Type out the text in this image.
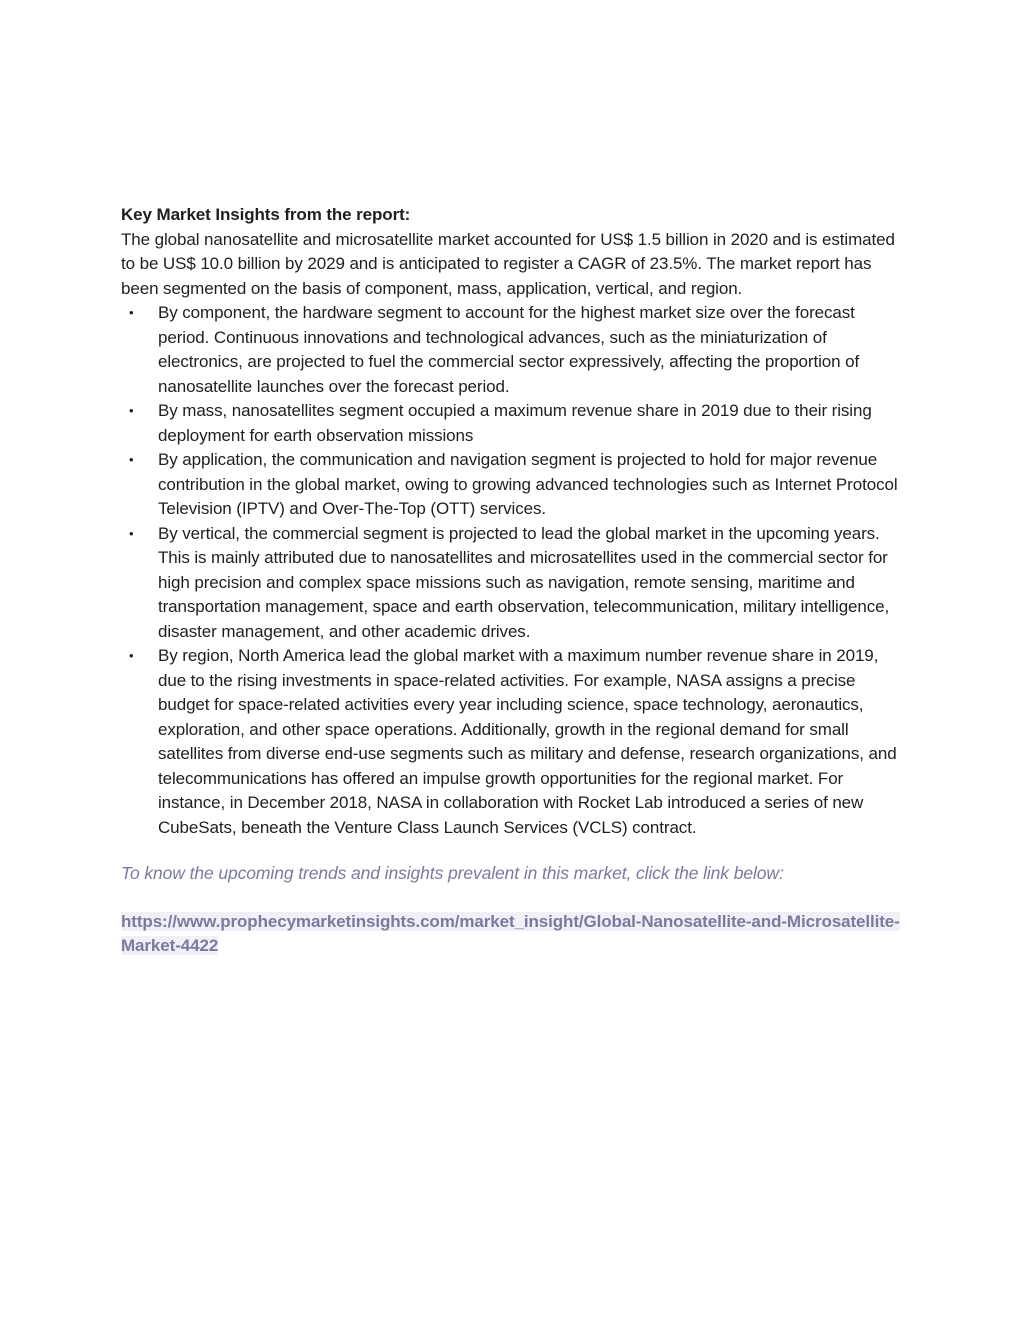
Key Market Insights from the report:

The global nanosatellite and microsatellite market accounted for US$ 1.5 billion in 2020 and is estimated to be US$ 10.0 billion by 2029 and is anticipated to register a CAGR of 23.5%. The market report has been segmented on the basis of component, mass, application, vertical, and region.

• By component, the hardware segment to account for the highest market size over the forecast period. Continuous innovations and technological advances, such as the miniaturization of electronics, are projected to fuel the commercial sector expressively, affecting the proportion of nanosatellite launches over the forecast period.
• By mass, nanosatellites segment occupied a maximum revenue share in 2019 due to their rising deployment for earth observation missions
• By application, the communication and navigation segment is projected to hold for major revenue contribution in the global market, owing to growing advanced technologies such as Internet Protocol Television (IPTV) and Over-The-Top (OTT) services.
• By vertical, the commercial segment is projected to lead the global market in the upcoming years. This is mainly attributed due to nanosatellites and microsatellites used in the commercial sector for high precision and complex space missions such as navigation, remote sensing, maritime and transportation management, space and earth observation, telecommunication, military intelligence, disaster management, and other academic drives.
• By region, North America lead the global market with a maximum number revenue share in 2019, due to the rising investments in space-related activities. For example, NASA assigns a precise budget for space-related activities every year including science, space technology, aeronautics, exploration, and other space operations. Additionally, growth in the regional demand for small satellites from diverse end-use segments such as military and defense, research organizations, and telecommunications has offered an impulse growth opportunities for the regional market. For instance, in December 2018, NASA in collaboration with Rocket Lab introduced a series of new CubeSats, beneath the Venture Class Launch Services (VCLS) contract.

To know the upcoming trends and insights prevalent in this market, click the link below:

https://www.prophecymarketinsights.com/market_insight/Global-Nanosatellite-and-Microsatellite-Market-4422
